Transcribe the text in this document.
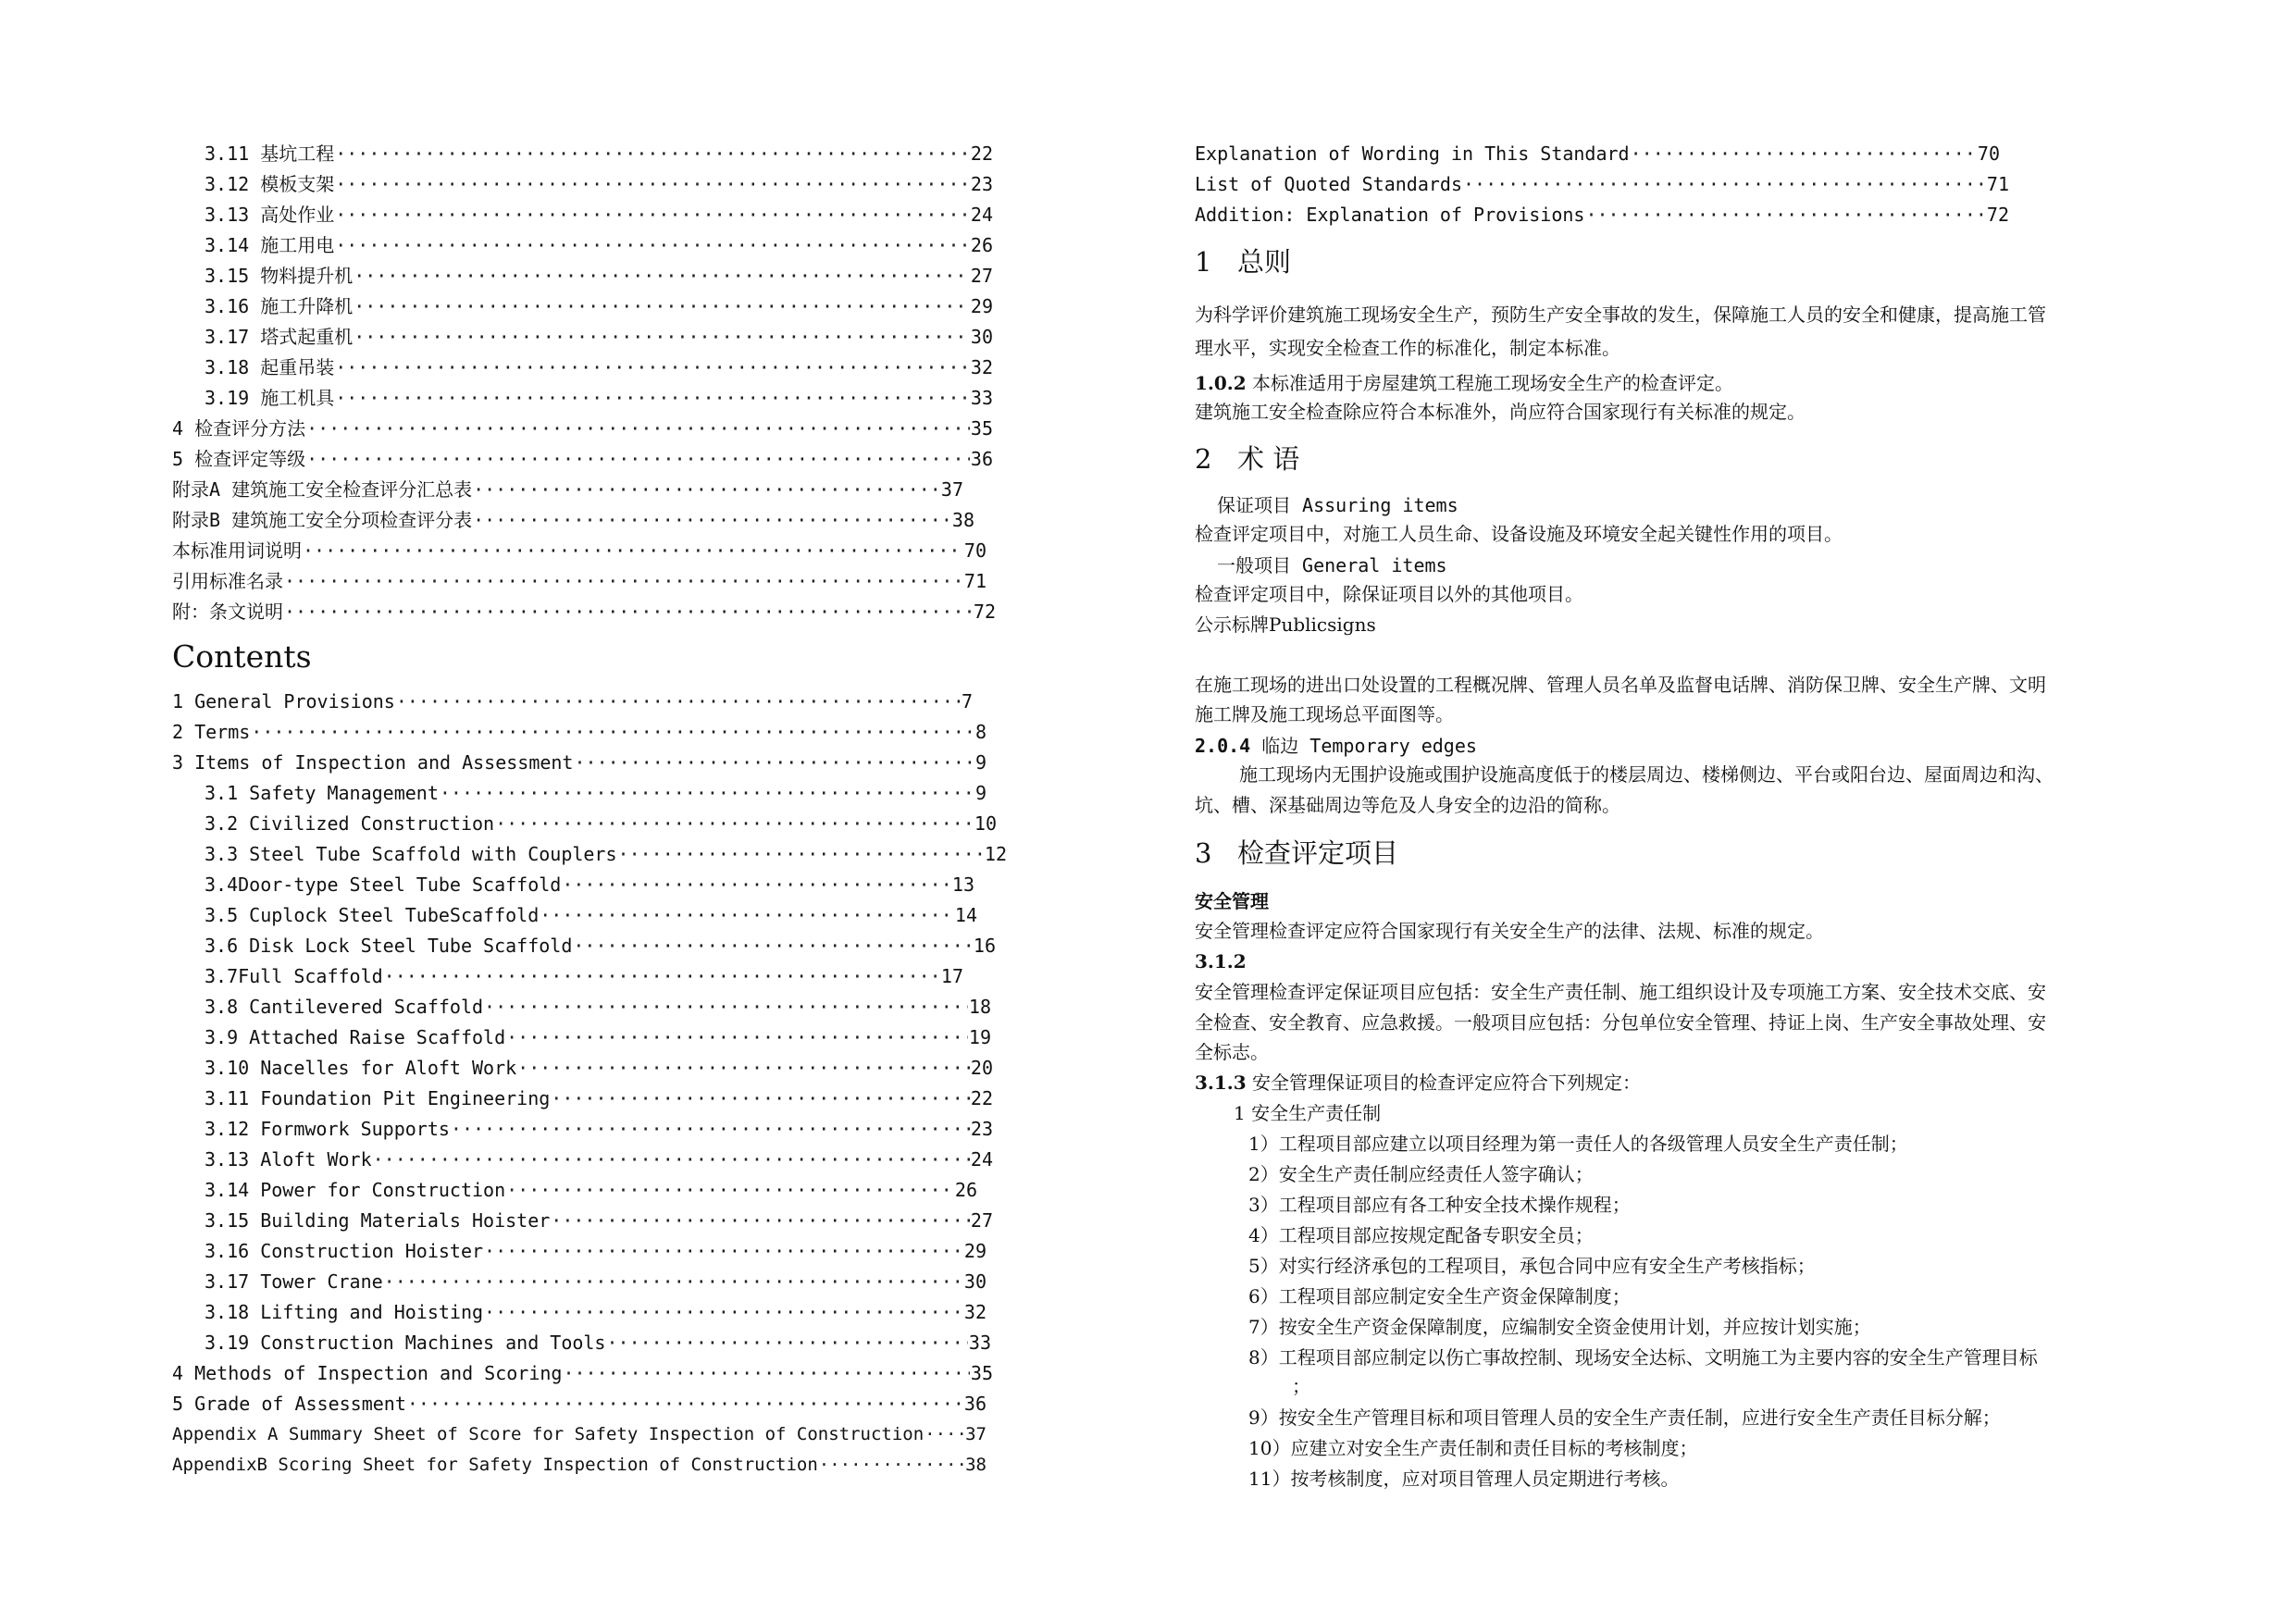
3.11 基坑工程 ·····	22
3.12 模板支架 ·····	23
3.13 高处作业 ·····	24
3.14 施工用电 ·····	26
3.15 物料提升机 ·····	27
3.16 施工升降机 ·····	29
3.17 塔式起重机 ·····	30
3.18 起重吊装 ·····	32
3.19 施工机具 ·····	33
4 检查评分方法 ·····	35
5 检查评定等级 ·····	36
附录A 建筑施工安全检查评分汇总表 ·····	37
附录B 建筑施工安全分项检查评分表 ·····	38
本标准用词说明 ·····	70
引用标准名录 ·····	71
附：条文说明 ·····	72
Contents
1 General Provisions ·····	7
2 Terms ·····	8
3 Items of Inspection and Assessment ·····	9
3.1 Safety Management ·····	9
3.2 Civilized Construction ·····	10
3.3 Steel Tube Scaffold with Couplers ·····	12
3.4Door-type Steel Tube Scaffold ·····	13
3.5 Cuplock Steel TubeScaffold ·····	14
3.6 Disk Lock Steel Tube Scaffold ·····	16
3.7Full Scaffold ·····	17
3.8 Cantilevered Scaffold ·····	18
3.9 Attached Raise Scaffold ·····	19
3.10 Nacelles for Aloft Work ·····	20
3.11 Foundation Pit Engineering ·····	22
3.12 Formwork Supports ·····	23
3.13 Aloft Work ·····	24
3.14 Power for Construction ·····	26
3.15 Building Materials Hoister ·····	27
3.16 Construction Hoister ·····	29
3.17 Tower Crane ·····	30
3.18 Lifting and Hoisting ·····	32
3.19 Construction Machines and Tools ·····	33
4 Methods of Inspection and Scoring ·····	35
5 Grade of Assessment ·····	36
Appendix A Summary Sheet of Score for Safety Inspection of Construction ····· 37
AppendixB Scoring Sheet for Safety Inspection of Construction ·····	38
Explanation of Wording in This Standard ·····	70
List of Quoted Standards ·····	71
Addition: Explanation of Provisions ·····	72
1 总则
为科学评价建筑施工现场安全生产，预防生产安全事故的发生，保障施工人员的安全和健康，提高施工管
理水平，实现安全检查工作的标准化，制定本标准。
1.0.2 本标准适用于房屋建筑工程施工现场安全生产的检查评定。
建筑施工安全检查除应符合本标准外，尚应符合国家现行有关标准的规定。
2 术 语
保证项目 Assuring items
检查评定项目中，对施工人员生命、设备设施及环境安全起关键性作用的项目。
一般项目 General items
检查评定项目中，除保证项目以外的其他项目。
公示标牌Publicsigns
在施工现场的进出口处设置的工程概况牌、管理人员名单及监督电话牌、消防保卫牌、安全生产牌、文明
施工牌及施工现场总平面图等。
2.0.4 临边 Temporary edges
施工现场内无围护设施或围护设施高度低于的楼层周边、楼梯侧边、平台或阳台边、屋面周边和沟、
坑、槽、深基础周边等危及人身安全的边沿的简称。
3 检查评定项目
安全管理
安全管理检查评定应符合国家现行有关安全生产的法律、法规、标准的规定。
3.1.2
安全管理检查评定保证项目应包括：安全生产责任制、施工组织设计及专项施工方案、安全技术交底、安
全检查、安全教育、应急救援。一般项目应包括：分包单位安全管理、持证上岗、生产安全事故处理、安
全标志。
3.1.3 安全管理保证项目的检查评定应符合下列规定：
1 安全生产责任制
1）工程项目部应建立以项目经理为第一责任人的各级管理人员安全生产责任制；
2）安全生产责任制应经责任人签字确认；
3）工程项目部应有各工种安全技术操作规程；
4）工程项目部应按规定配备专职安全员；
5）对实行经济承包的工程项目，承包合同中应有安全生产考核指标；
6）工程项目部应制定安全生产资金保障制度；
7）按安全生产资金保障制度，应编制安全资金使用计划，并应按计划实施；
8）工程项目部应制定以伤亡事故控制、现场安全达标、文明施工为主要内容的安全生产管理目标
；
9）按安全生产管理目标和项目管理人员的安全生产责任制，应进行安全生产责任目标分解；
10）应建立对安全生产责任制和责任目标的考核制度；
11）按考核制度，应对项目管理人员定期进行考核。
